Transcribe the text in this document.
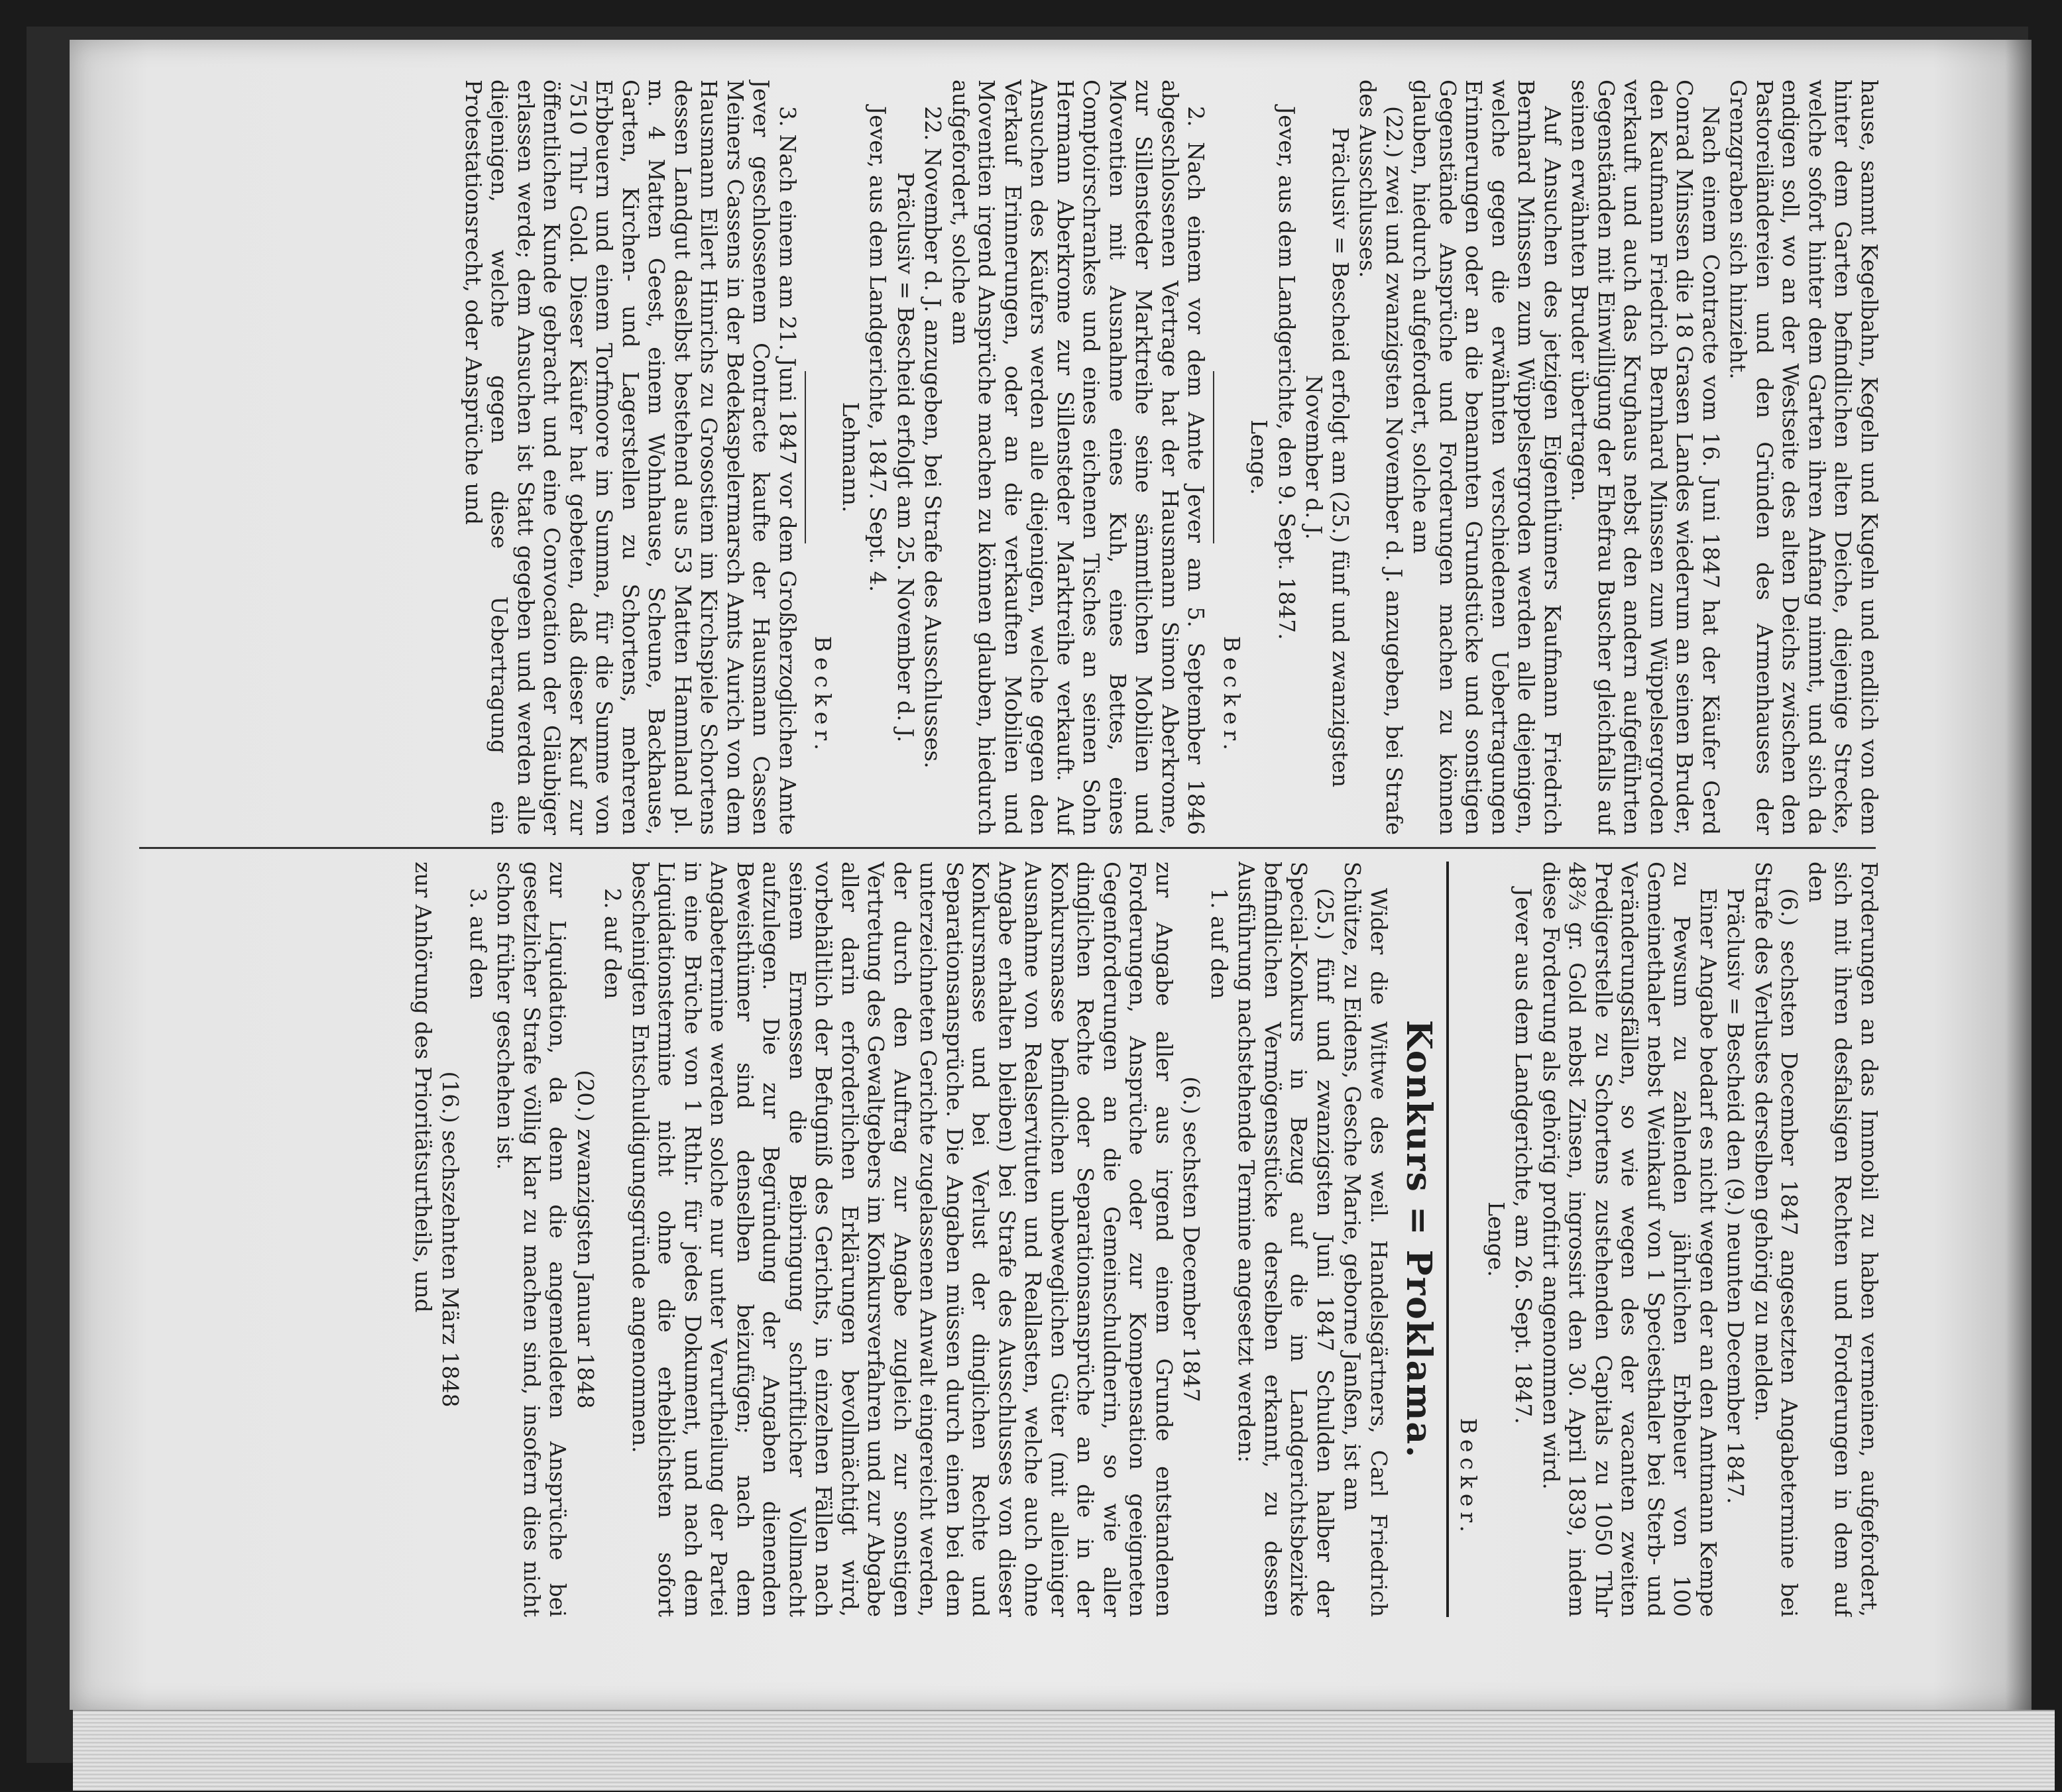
hause, sammt Kegelbahn, Kegeln und Kugeln und endlich von dem hinter dem Garten befindlichen alten Deiche, diejenige Strecke, welche sofort hinter dem Garten ihren Anfang nimmt, und sich da endigen soll, wo an der Westseite des alten Deichs zwischen den Pastoreiländereien und den Gründen des Armenhauses der Grenzgraben sich hinzieht.

Nach einem Contracte vom 16. Juni 1847 hat der Käufer Gerd Conrad Minssen die 18 Grasen Landes wiederum an seinen Bruder, den Kaufmann Friedrich Bernhard Minssen zum Wüppelsergroden verkauft und auch das Krughaus nebst den andern aufgeführten Gegenständen mit Einwilligung der Ehefrau Buscher gleichfalls auf seinen erwähnten Bruder übertragen.

Auf Ansuchen des jetzigen Eigenthümers Kaufmann Friedrich Bernhard Minssen zum Wüppelsergroden werden alle diejenigen, welche gegen die erwähnten verschiedenen Uebertragungen Erinnerungen oder an die benannten Grundstücke und sonstigen Gegenstände Ansprüche und Forderungen machen zu können glauben, hiedurch aufgefordert, solche am

(22.) zwei und zwanzigsten November d. J. anzugeben, bei Strafe des Ausschlusses.

Präclusiv = Bescheid erfolgt am (25.) fünf und zwanzigsten November d. J.

Jever, aus dem Landgerichte, den 9. Sept. 1847.

Lenge.

Becker.

2. Nach einem vor dem Amte Jever am 5. September 1846 abgeschlossenen Vertrage hat der Hausmann Simon Aberkrome, zur Sillensteder Marktreihe seine sämmtlichen Mobilien und Moventien mit Ausnahme eines Kuh, eines Bettes, eines Comptoirschrankes und eines eichenen Tisches an seinen Sohn Hermann Aberkrome zur Sillensteder Marktreihe verkauft. Auf Ansuchen des Käufers werden alle diejenigen, welche gegen den Verkauf Erinnerungen, oder an die verkauften Mobilien und Moventien irgend Ansprüche machen zu können glauben, hiedurch aufgefordert, solche am

22. November d. J. anzugeben, bei Strafe des Ausschlusses.

Präclusiv = Bescheid erfolgt am 25. November d. J.

Jever, aus dem Landgerichte, 1847. Sept. 4.

Lehmann.

Becker.

3. Nach einem am 21. Juni 1847 vor dem Großherzoglichen Amte Jever geschlossenem Contracte kaufte der Hausmann Cassen Meiners Cassens in der Bedekaspelermarsch Amts Aurich von dem Hausmann Eilert Hinrichs zu Grosostiem im Kirchspiele Schortens dessen Landgut daselbst bestehend aus 53 Matten Hammland pl. m. 4 Matten Geest, einem Wohnhause, Scheune, Backhause, Garten, Kirchen- und Lagerstellen zu Schortens, mehreren Erbbeuern und einem Torfmoore im Summa, für die Summe von 7510 Thlr Gold. Dieser Käufer hat gebeten, daß dieser Kauf zur öffentlichen Kunde gebracht und eine Convocation der Gläubiger erlassen werde; dem Ansuchen ist Statt gegeben und werden alle diejenigen, welche gegen diese Uebertragung ein Protestationsrecht, oder Ansprüche und

Forderungen an das Immobil zu haben vermeinen, aufgefordert, sich mit ihren desfalsigen Rechten und Forderungen in dem auf den

(6.) sechsten December 1847 angesetzten Angabetermine bei Strafe des Verlustes derselben gehörig zu melden.

Präclusiv = Bescheid den (9.) neunten December 1847.

Einer Angabe bedarf es nicht wegen der an den Amtmann Kempe zu Pewsum zu zahlenden jährlichen Erbheuer von 100 Gemeinethaler nebst Weinkauf von 1 Speciesthaler bei Sterb- und Veränderungsfällen, so wie wegen des der vacanten zweiten Predigerstelle zu Schortens zustehenden Capitals zu 1050 Thlr 48⅔ gr. Gold nebst Zinsen, ingrossirt den 30. April 1839, indem diese Forderung als gehörig profitirt angenommen wird.

Jever aus dem Landgerichte, am 26. Sept. 1847.

Lenge.

Becker.

Konkurs = Proklama.

Wider die Wittwe des weil. Handelsgärtners, Carl Friedrich Schütze, zu Eidens, Gesche Marie, geborne Janßen, ist am

(25.) fünf und zwanzigsten Juni 1847 Schulden halber der Special-Konkurs in Bezug auf die im Landgerichtsbezirke befindlichen Vermögensstücke derselben erkannt, zu dessen Ausführung nachstehende Termine angesetzt werden:

1. auf den

(6.) sechsten December 1847

zur Angabe aller aus irgend einem Grunde entstandenen Forderungen, Ansprüche oder zur Kompensation geeigneten Gegenforderungen an die Gemeinschuldnerin, so wie aller dinglichen Rechte oder Separationsansprüche an die in der Konkursmasse befindlichen unbeweglichen Güter (mit alleiniger Ausnahme von Realservituten und Reallasten, welche auch ohne Angabe erhalten bleiben) bei Strafe des Ausschlusses von dieser Konkursmasse und bei Verlust der dinglichen Rechte und Separationsansprüche. Die Angaben müssen durch einen bei dem unterzeichneten Gerichte zugelassenen Anwalt eingereicht werden, der durch den Auftrag zur Angabe zugleich zur sonstigen Vertretung des Gewaltgebers im Konkursverfahren und zur Abgabe aller darin erforderlichen Erklärungen bevollmächtigt wird, vorbehältlich der Befugniß des Gerichts, in einzelnen Fällen nach seinem Ermessen die Beibringung schriftlicher Vollmacht aufzulegen. Die zur Begründung der Angaben dienenden Beweisthümer sind denselben beizufügen; nach dem Angabetermine werden solche nur unter Verurtheilung der Partei in eine Brüche von 1 Rthlr. für jedes Dokument, und nach dem Liquidationstermine nicht ohne die erheblichsten sofort bescheinigten Entschuldigungsgründe angenommen.

2. auf den

(20.) zwanzigsten Januar 1848

zur Liquidation, da denn die angemeldeten Ansprüche bei gesetzlicher Strafe völlig klar zu machen sind, insofern dies nicht schon früher geschehen ist.

3. auf den

(16.) sechszehnten März 1848

zur Anhörung des Prioritätsurtheils, und
